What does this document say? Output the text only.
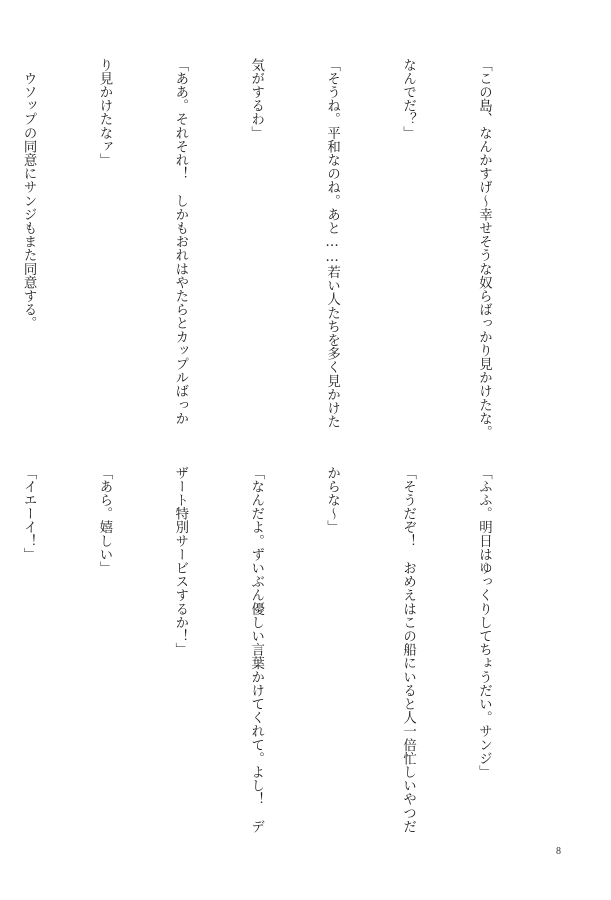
「この島、なんかすげ〜幸せそうな奴らばっかり見かけたな。

なんでだ？」

「そうね。平和なのね。あと……若い人たちを多く見かけた

気がするわ」

「ああ。それそれ！　しかもおれはやたらとカップルばっか

り見かけたなァ」

　ウソップの同意にサンジもまた同意する。

「ふふ。明日はゆっくりしてちょうだい。サンジ」

「そうだぞ！　おめえはこの船にいると人一倍忙しいやつだ

からな〜」

「なんだよ。ずいぶん優しい言葉かけてくれて。よし！　デ

ザート特別サービスするか！」

「あら。嬉しい」

「イエーイ！」

8
